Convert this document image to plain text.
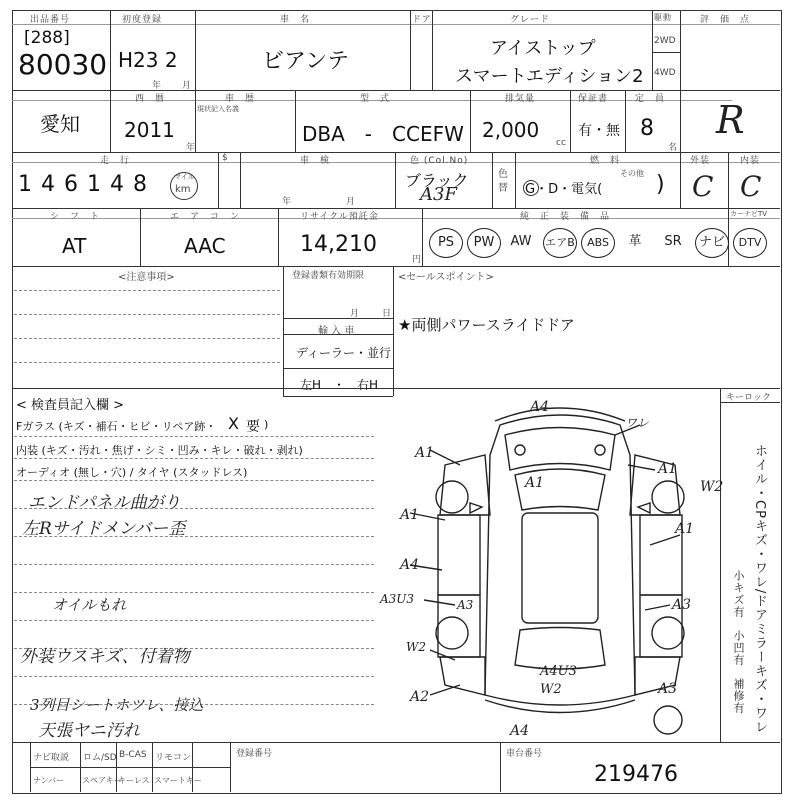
出品番号
[288]
80030
初度登録
H23 2
年 月
車　名
ビアンテ
ドア	グレード
アイストップ
スマートエディション2
駆動
2WD
4WD
評　価　点
R
愛知
西　暦
2011
年
車　歴
現状記入名義
型　式
DBA　-　CCEFW
排気量
2,000
cc
保証書
有・無
定　員
8
名
走　行
146148	マイル
km
$	車　検
年	月
色 (Col.No)
ブラック
A3F
色替
燃　料
G・D・電気(
その他 )
外装
C
内装
C
シ　フ　ト
AT
エ　ア　コ　ン
AAC
リサイクル預託金
14,210
円
純　正　装　備　品	カーナビTV
PS	PW	AW	エアB	ABS	革	SR	ナビ	DTV
<注意事項>	登録書類有効期限
月	日
輸 入 車
ディーラー・並行
左H　・　右H
<セールスポイント>
★両側パワースライドドア
< 検査員記入欄 >
Fガラス (キズ・補石・ヒビ・リペア跡・ X 要 )
内装 (キズ・汚れ・焦げ・シミ・凹み・キレ・破れ・剥れ)
オーディオ (無し・穴) / タイヤ (スタッドレス)
エンドパネル曲がり
左Rサイドメンバー歪
オイルもれ
外装ウスキズ、付着物
3列目シートホツレ、接込
天張ヤニ汚れ
A4
A1
A1
A1
A1
W2
A1
A4
A3U3	A3	A3
W2
A4U3
W2	A3
A2
A4
ワレ
キーロック
ホイル・CPキズ・ワレ/ドアミラーキズ・ワレ
小キズ有　小凹有　補修有
ナビ取説 ロム/SD B-CAS リモコン
ナンバー スペアキー
キーレス スマートキー
登録番号	車台番号
219476
